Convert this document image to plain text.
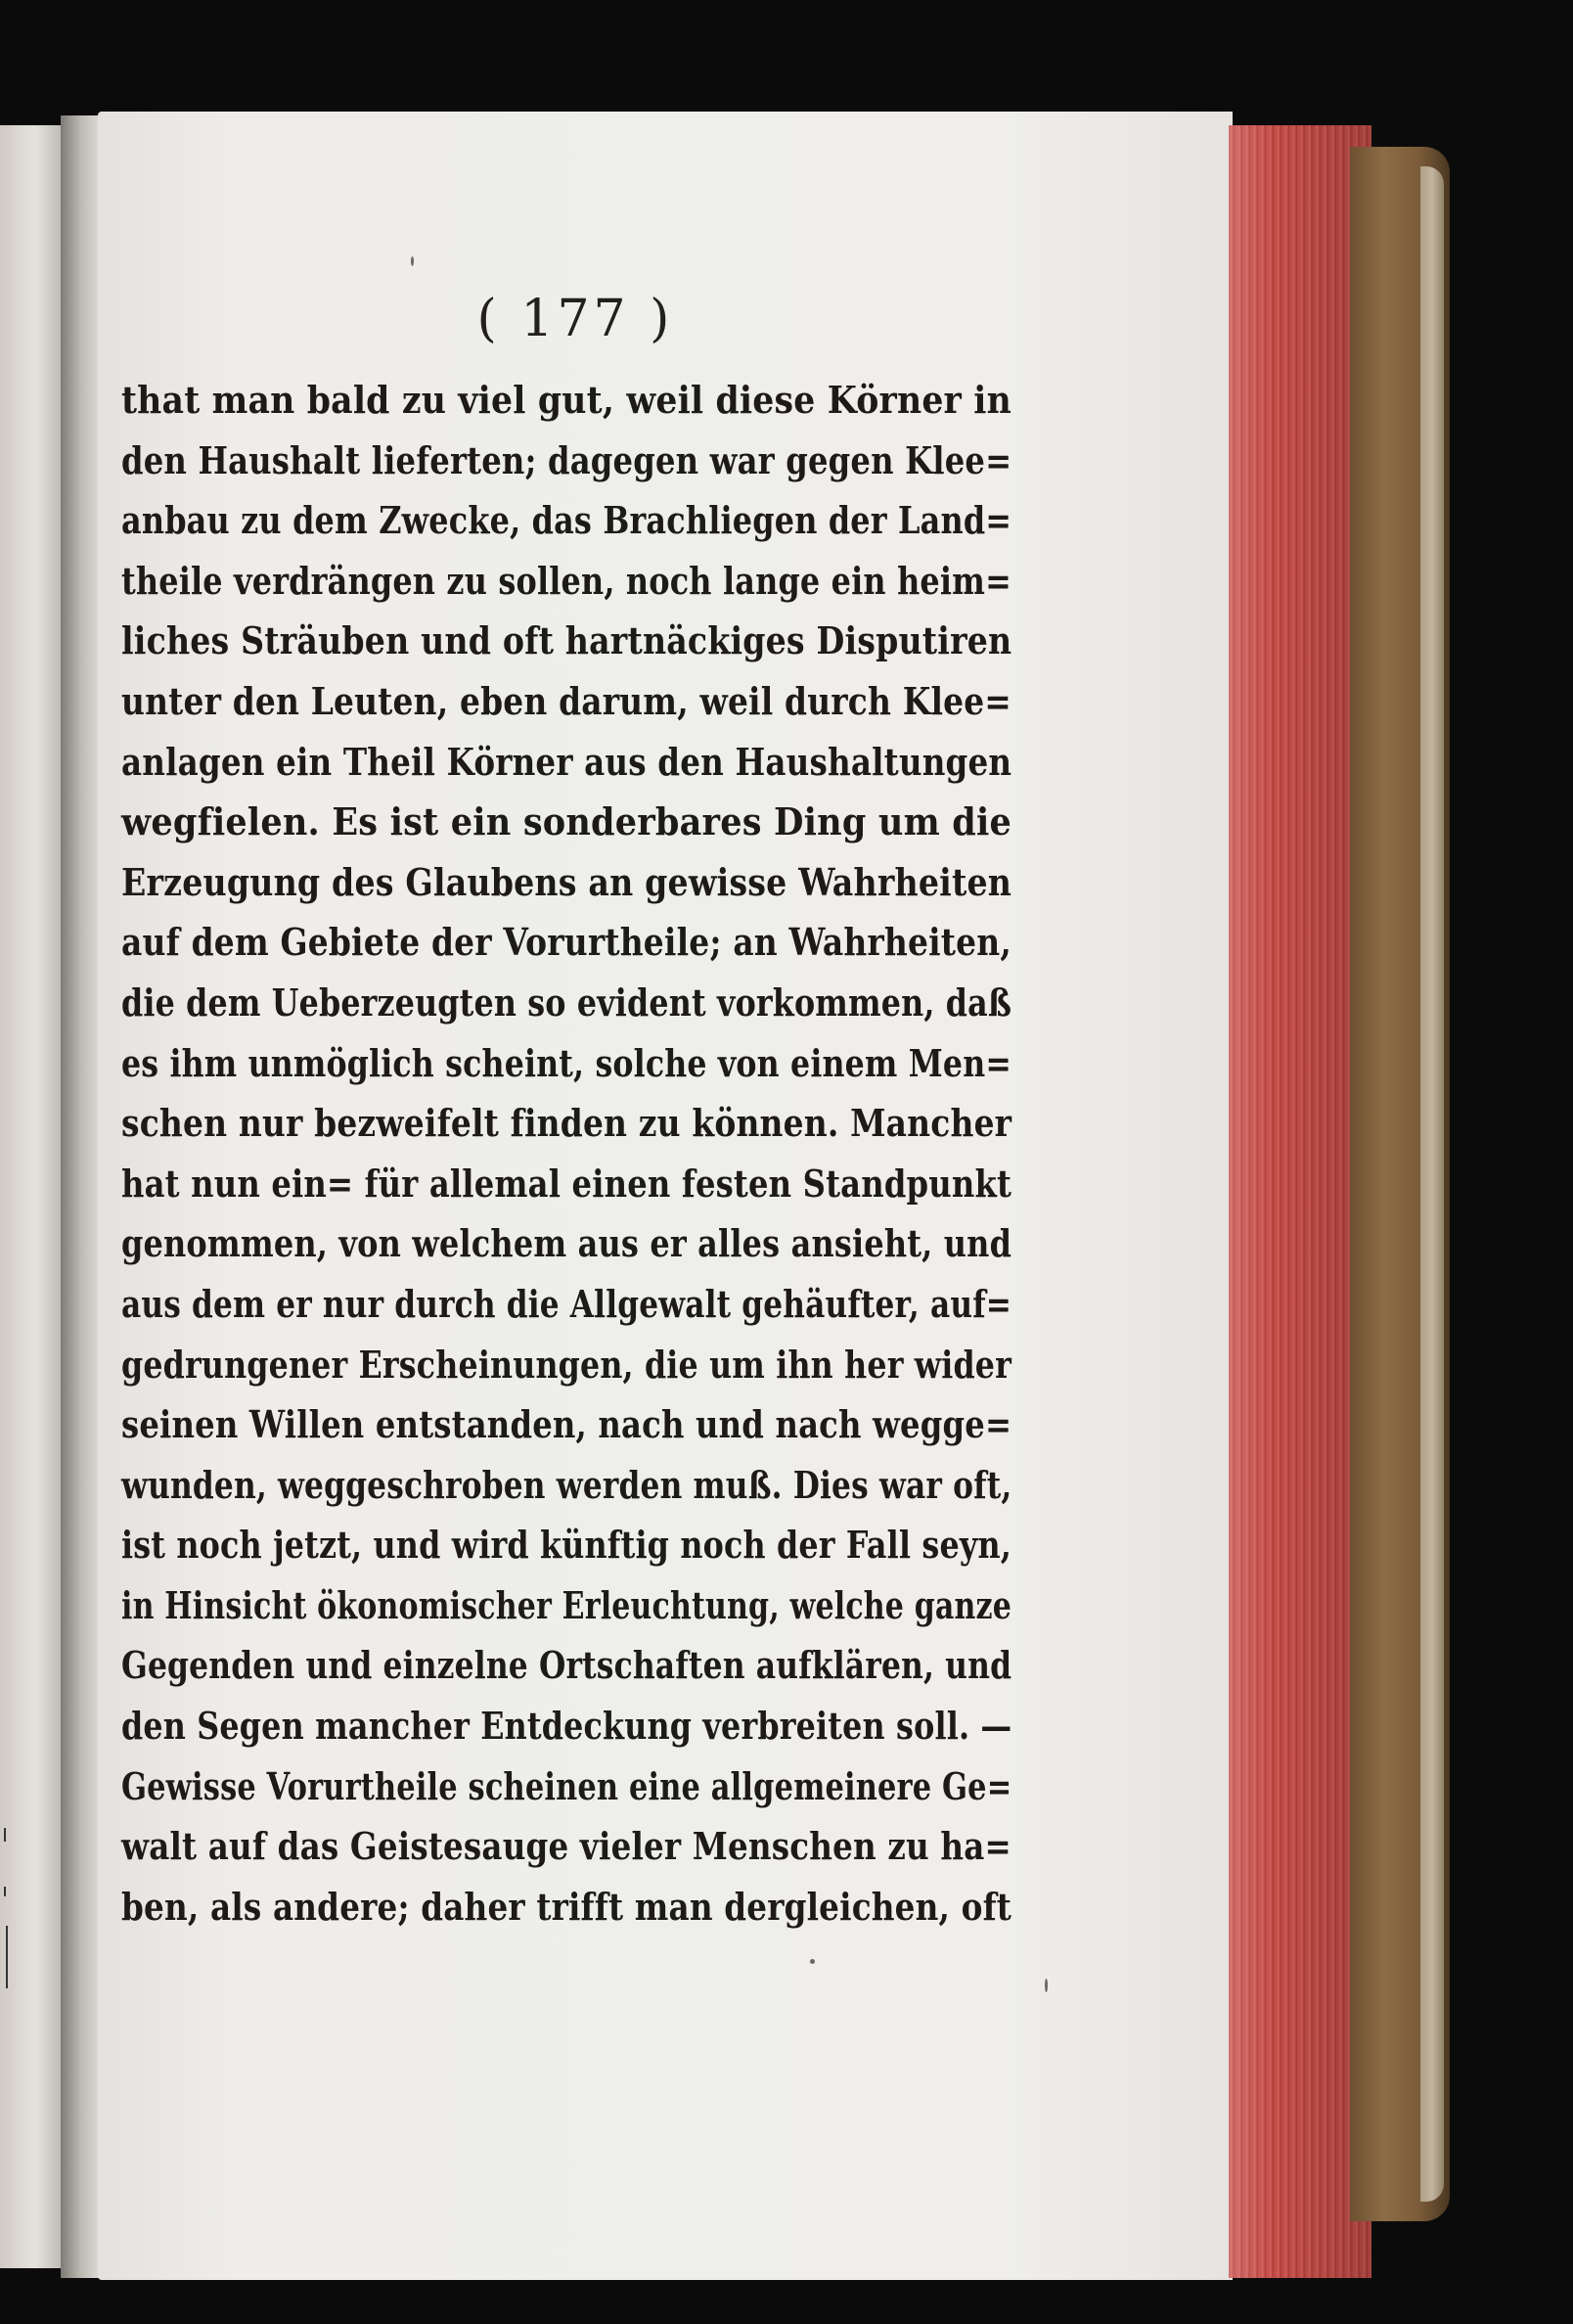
( 177 )
that man bald zu viel gut, weil diese Körner in
den Haushalt lieferten; dagegen war gegen Klee=
anbau zu dem Zwecke, das Brachliegen der Land=
theile verdrängen zu sollen, noch lange ein heim=
liches Sträuben und oft hartnäckiges Disputiren
unter den Leuten, eben darum, weil durch Klee=
anlagen ein Theil Körner aus den Haushaltungen
wegfielen. Es ist ein sonderbares Ding um die
Erzeugung des Glaubens an gewisse Wahrheiten
auf dem Gebiete der Vorurtheile; an Wahrheiten,
die dem Ueberzeugten so evident vorkommen, daß
es ihm unmöglich scheint, solche von einem Men=
schen nur bezweifelt finden zu können. Mancher
hat nun ein= für allemal einen festen Standpunkt
genommen, von welchem aus er alles ansieht, und
aus dem er nur durch die Allgewalt gehäufter, auf=
gedrungener Erscheinungen, die um ihn her wider
seinen Willen entstanden, nach und nach wegge=
wunden, weggeschroben werden muß. Dies war oft,
ist noch jetzt, und wird künftig noch der Fall seyn,
in Hinsicht ökonomischer Erleuchtung, welche ganze
Gegenden und einzelne Ortschaften aufklären, und
den Segen mancher Entdeckung verbreiten soll. —
Gewisse Vorurtheile scheinen eine allgemeinere Ge=
walt auf das Geistesauge vieler Menschen zu ha=
ben, als andere; daher trifft man dergleichen, oft
